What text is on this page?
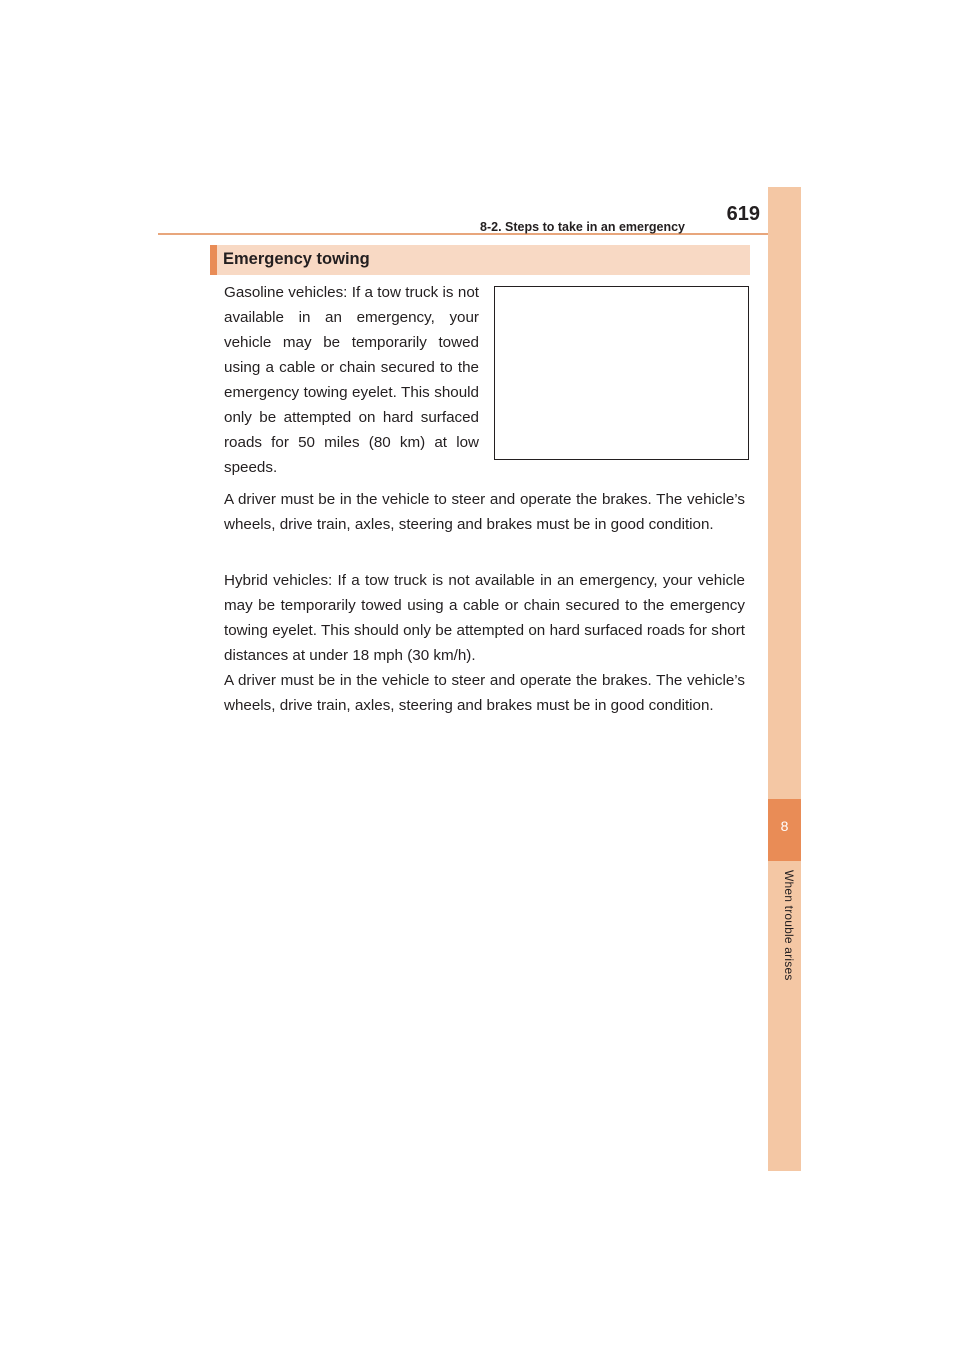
8-2. Steps to take in an emergency
619
8
When trouble arises
Emergency towing

Gasoline vehicles: If a tow truck is not available in an emergency, your vehicle may be temporarily towed using a cable or chain secured to the emergency towing eyelet. This should only be attempted on hard surfaced roads for 50 miles (80 km) at low speeds.

A driver must be in the vehicle to steer and operate the brakes. The vehicle’s wheels, drive train, axles, steering and brakes must be in good condition.

Hybrid vehicles: If a tow truck is not available in an emergency, your vehicle may be temporarily towed using a cable or chain secured to the emergency towing eyelet. This should only be attempted on hard surfaced roads for short distances at under 18 mph (30 km/h).

A driver must be in the vehicle to steer and operate the brakes. The vehicle’s wheels, drive train, axles, steering and brakes must be in good condition.
